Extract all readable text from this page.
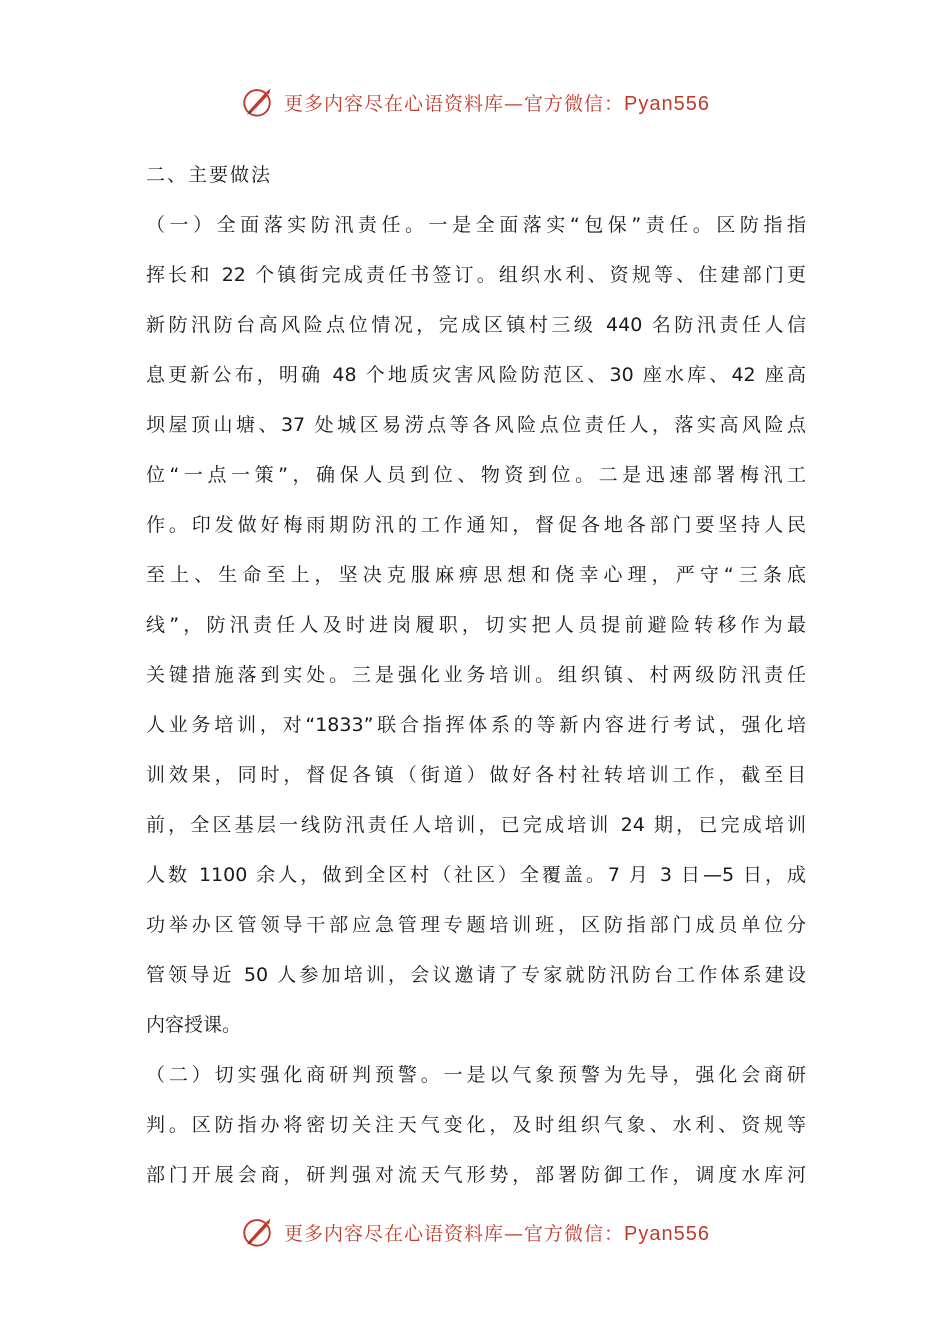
更多内容尽在心语资料库—官方微信：Pyan556
二、主要做法
（一）全面落实防汛责任。一是全面落实“包保”责任。区防指指
挥长和 22 个镇街完成责任书签订。组织水利、资规等、住建部门更
新防汛防台高风险点位情况，完成区镇村三级 440 名防汛责任人信
息更新公布，明确 48 个地质灾害风险防范区、30 座水库、42 座高
坝屋顶山塘、37 处城区易涝点等各风险点位责任人，落实高风险点
位“一点一策”，确保人员到位、物资到位。二是迅速部署梅汛工
作。印发做好梅雨期防汛的工作通知，督促各地各部门要坚持人民
至上、生命至上，坚决克服麻痹思想和侥幸心理，严守“三条底
线”，防汛责任人及时进岗履职，切实把人员提前避险转移作为最
关键措施落到实处。三是强化业务培训。组织镇、村两级防汛责任
人业务培训，对“1833”联合指挥体系的等新内容进行考试，强化培
训效果，同时，督促各镇（街道）做好各村社转培训工作，截至目
前，全区基层一线防汛责任人培训，已完成培训 24 期，已完成培训
人数 1100 余人，做到全区村（社区）全覆盖。7 月 3 日—5 日，成
功举办区管领导干部应急管理专题培训班，区防指部门成员单位分
管领导近 50 人参加培训，会议邀请了专家就防汛防台工作体系建设
内容授课。
（二）切实强化商研判预警。一是以气象预警为先导，强化会商研
判。区防指办将密切关注天气变化，及时组织气象、水利、资规等
部门开展会商，研判强对流天气形势，部署防御工作，调度水库河
更多内容尽在心语资料库—官方微信：Pyan556
